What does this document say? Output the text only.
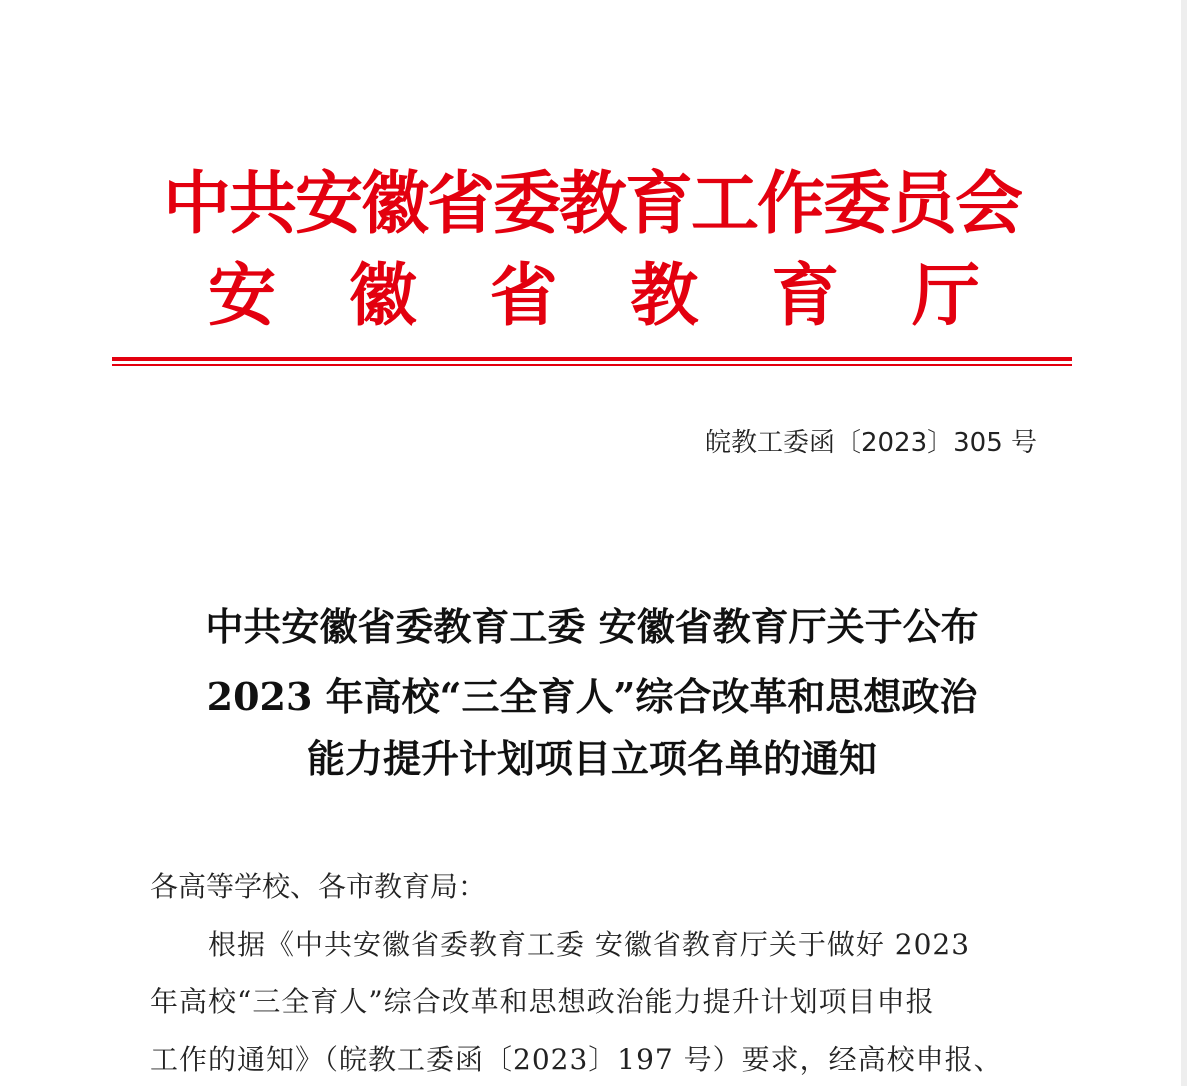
中共安徽省委教育工作委员会
安 徽 省 教 育 厅
皖教工委函〔2023〕305 号
中共安徽省委教育工委 安徽省教育厅关于公布
2023 年高校“三全育人”综合改革和思想政治
能力提升计划项目立项名单的通知
各高等学校、各市教育局：
根据《中共安徽省委教育工委 安徽省教育厅关于做好 2023
年高校“三全育人”综合改革和思想政治能力提升计划项目申报
工作的通知》（皖教工委函〔2023〕197 号）要求，经高校申报、
